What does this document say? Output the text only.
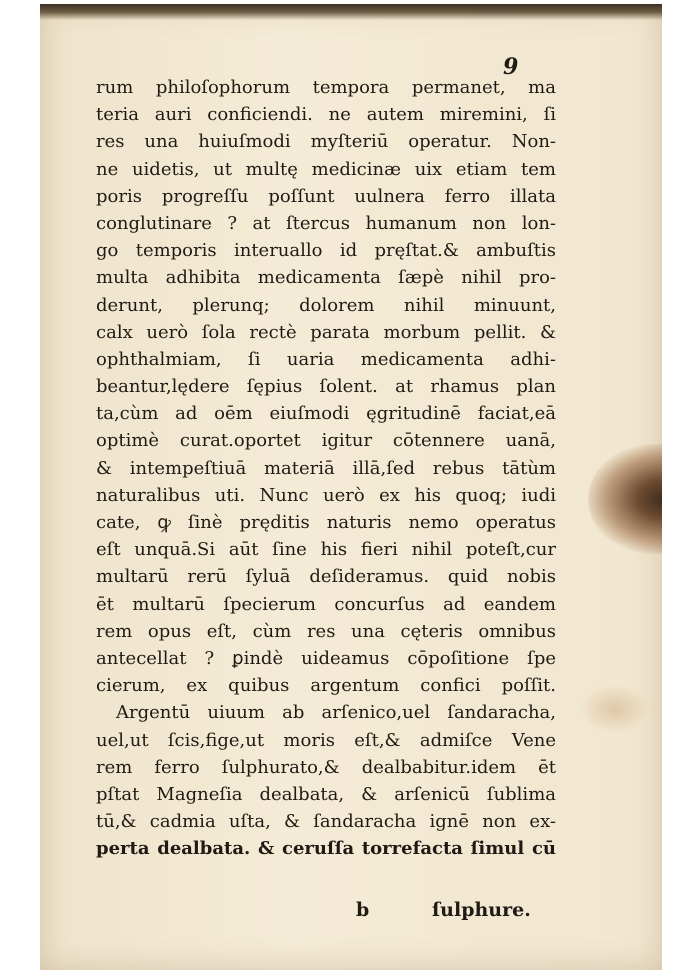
9
rum philoſophorum tempora permanet, ma
teria auri conficiendi. ne autem miremini, ſi
res una huiuſmodi myſteriū operatur. Non-
ne uidetis, ut multę medicinæ uix etiam tem
poris progreſſu poſſunt uulnera ferro illata
conglutinare ? at ſtercus humanum non lon-
go temporis interuallo id pręſtat.& ambuſtis
multa adhibita medicamenta ſæpè nihil pro-
derunt, plerunq; dolorem nihil minuunt,
calx uerò ſola rectè parata morbum pellit. &
ophthalmiam, ſi uaria medicamenta adhi-
beantur,lędere ſępius ſolent. at rhamus plan
ta,cùm ad oēm eiuſmodi ęgritudinē faciat,eā
optimè curat.oportet igitur cōtennere uanā,
& intempeſtiuā materiā illā,ſed rebus tātùm
naturalibus uti. Nunc uerò ex his quoq; iudi
cate, ꝙ ſinè pręditis naturis nemo operatus
eſt unquā.Si aūt ſine his fieri nihil poteſt,cur
multarū rerū ſyluā deſideramus. quid nobis
ēt multarū ſpecierum concurſus ad eandem
rem opus eſt, cùm res una cęteris omnibus
antecellat ? ꝑindè uideamus cōpoſitione ſpe
cierum, ex quibus argentum confici poſſit.
Argentū uiuum ab arſenico,uel ſandaracha,
uel,ut ſcis,fige,ut moris eſt,& admiſce Vene
rem ferro ſulphurato,& dealbabitur.idem ēt
pſtat Magneſia dealbata, & arſenicū ſublima
tū,& cadmia uſta, & ſandaracha ignē non ex-
perta dealbata. & ceruſſa torrefacta ſimul cū
b	ſulphure.
